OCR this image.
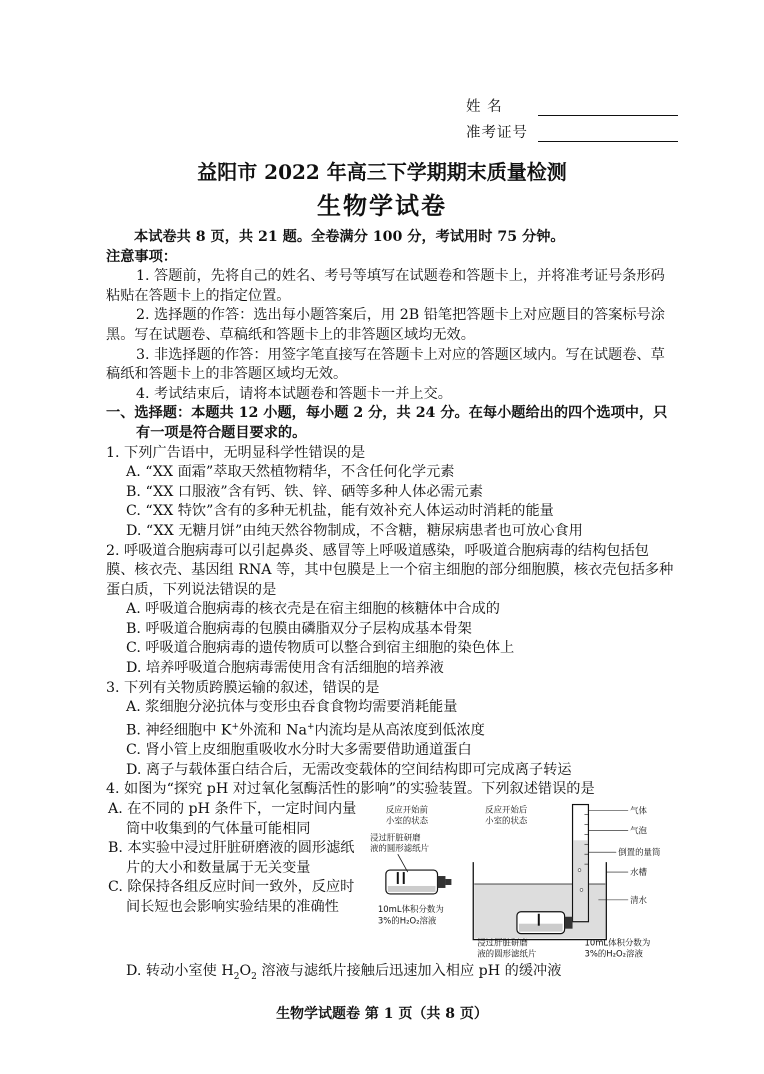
姓 名
准考证号
益阳市 2022 年高三下学期期末质量检测
生物学试卷

本试卷共 8 页，共 21 题。全卷满分 100 分，考试用时 75 分钟。

注意事项：

1. 答题前，先将自己的姓名、考号等填写在试题卷和答题卡上，并将准考证号条形码粘贴在答题卡上的指定位置。

2. 选择题的作答：选出每小题答案后，用 2B 铅笔把答题卡上对应题目的答案标号涂黑。写在试题卷、草稿纸和答题卡上的非答题区域均无效。

3. 非选择题的作答：用签字笔直接写在答题卡上对应的答题区域内。写在试题卷、草稿纸和答题卡上的非答题区域均无效。

4. 考试结束后，请将本试题卷和答题卡一并上交。

一、选择题：本题共 12 小题，每小题 2 分，共 24 分。在每小题给出的四个选项中，只有一项是符合题目要求的。

1. 下列广告语中，无明显科学性错误的是

A. “XX 面霜”萃取天然植物精华，不含任何化学元素

B. “XX 口服液”含有钙、铁、锌、硒等多种人体必需元素

C. “XX 特饮”含有的多种无机盐，能有效补充人体运动时消耗的能量

D. “XX 无糖月饼”由纯天然谷物制成，不含糖，糖尿病患者也可放心食用

2. 呼吸道合胞病毒可以引起鼻炎、感冒等上呼吸道感染，呼吸道合胞病毒的结构包括包膜、核衣壳、基因组 RNA 等，其中包膜是上一个宿主细胞的部分细胞膜，核衣壳包括多种蛋白质，下列说法错误的是

A. 呼吸道合胞病毒的核衣壳是在宿主细胞的核糖体中合成的

B. 呼吸道合胞病毒的包膜由磷脂双分子层构成基本骨架

C. 呼吸道合胞病毒的遗传物质可以整合到宿主细胞的染色体上

D. 培养呼吸道合胞病毒需使用含有活细胞的培养液

3. 下列有关物质跨膜运输的叙述，错误的是

A. 浆细胞分泌抗体与变形虫吞食食物均需要消耗能量

B. 神经细胞中 K+外流和 Na+内流均是从高浓度到低浓度

C. 肾小管上皮细胞重吸收水分时大多需要借助通道蛋白

D. 离子与载体蛋白结合后，无需改变载体的空间结构即可完成离子转运

4. 如图为“探究 pH 对过氧化氢酶活性的影响”的实验装置。下列叙述错误的是

A. 在不同的 pH 条件下，一定时间内量筒中收集到的气体量可能相同

B. 本实验中浸过肝脏研磨液的圆形滤纸片的大小和数量属于无关变量

C. 除保持各组反应时间一致外，反应时间长短也会影响实验结果的准确性

反应开始前
小室的状态
浸过肝脏研磨
液的圆形滤纸片
10mL体积分数为
3%的H₂O₂溶液
反应开始后
小室的状态
气体
气泡
倒置的量筒
水槽
清水
浸过肝脏研磨
液的圆形滤纸片
10mL体积分数为
3%的H₂O₂溶液

D. 转动小室使 $H_2O_2$ 溶液与滤纸片接触后迅速加入相应 pH 的缓冲液

生物学试题卷 第 1 页（共 8 页）
